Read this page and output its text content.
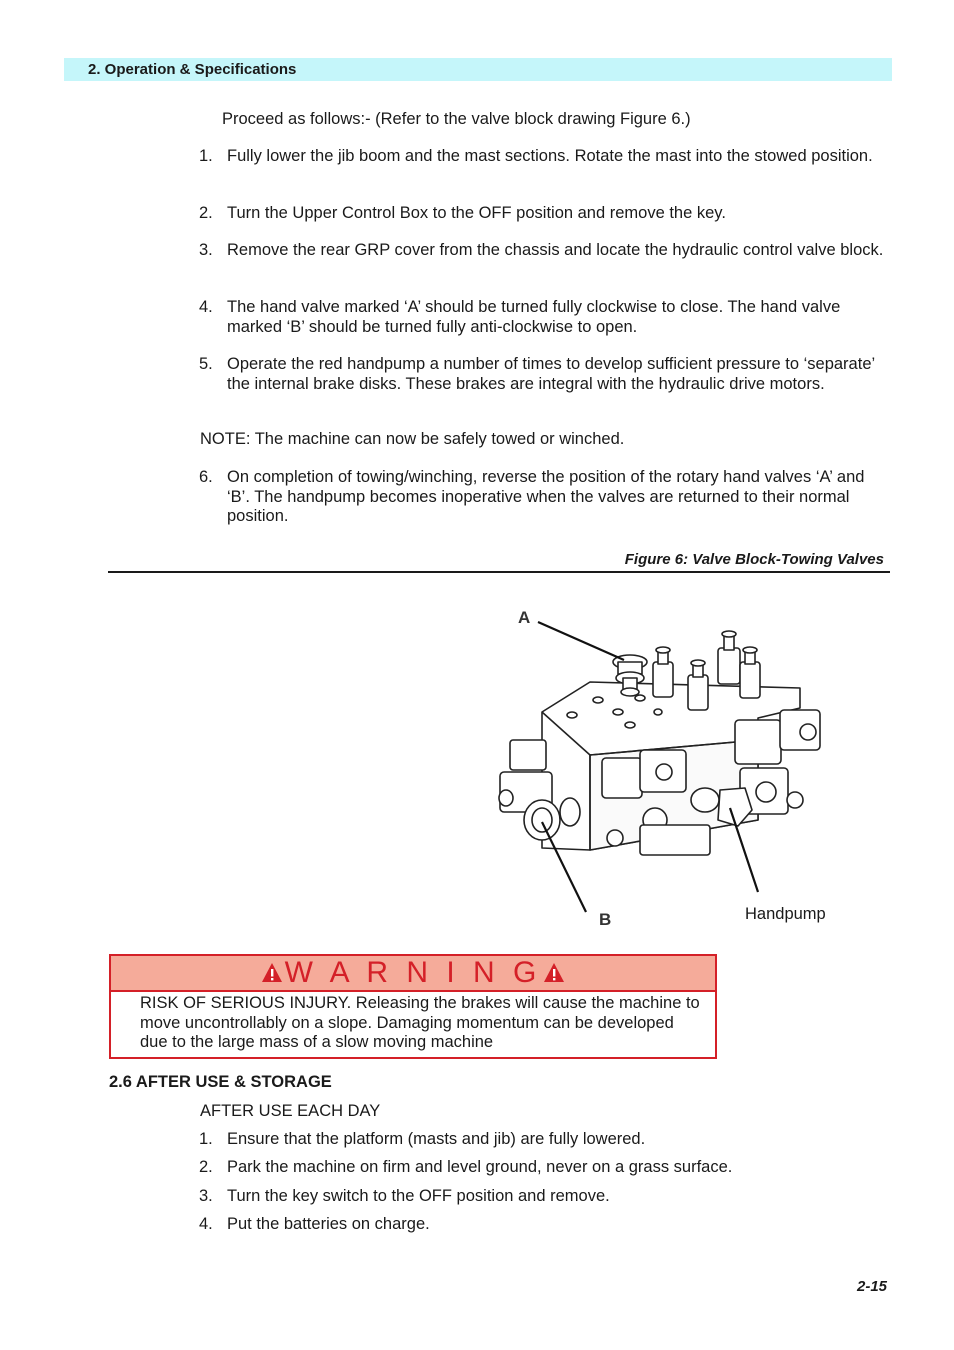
2. Operation & Specifications
Proceed as follows:- (Refer to the valve block drawing Figure 6.)
1. Fully lower the jib boom and the mast sections. Rotate the mast into the stowed position.
2. Turn the Upper Control Box to the OFF position and remove the key.
3. Remove the rear GRP cover from the chassis and locate the hydraulic control valve block.
4. The hand valve marked ‘A’ should be turned fully clockwise to close. The hand valve marked ‘B’ should be turned fully anti-clockwise to open.
5. Operate the red handpump a number of times to develop sufficient pressure to ‘separate’ the internal brake disks. These brakes are integral with the hydraulic drive motors.
NOTE: The machine can now be safely towed or winched.
6. On completion of towing/winching, reverse the position of the rotary hand valves ‘A’ and ‘B’. The handpump becomes inoperative when the valves are returned to their normal position.
Figure 6: Valve Block-Towing Valves
A
B	Handpump
W A R N I N G
RISK OF SERIOUS INJURY. Releasing the brakes will cause the machine to move uncontrollably on a slope. Damaging momentum can be developed due to the large mass of a slow moving machine
2.6 AFTER USE & STORAGE
AFTER USE EACH DAY
1. Ensure that the platform (masts and jib) are fully lowered.
2. Park the machine on firm and level ground, never on a grass surface.
3. Turn the key switch to the OFF position and remove.
4. Put the batteries on charge.
2-15
